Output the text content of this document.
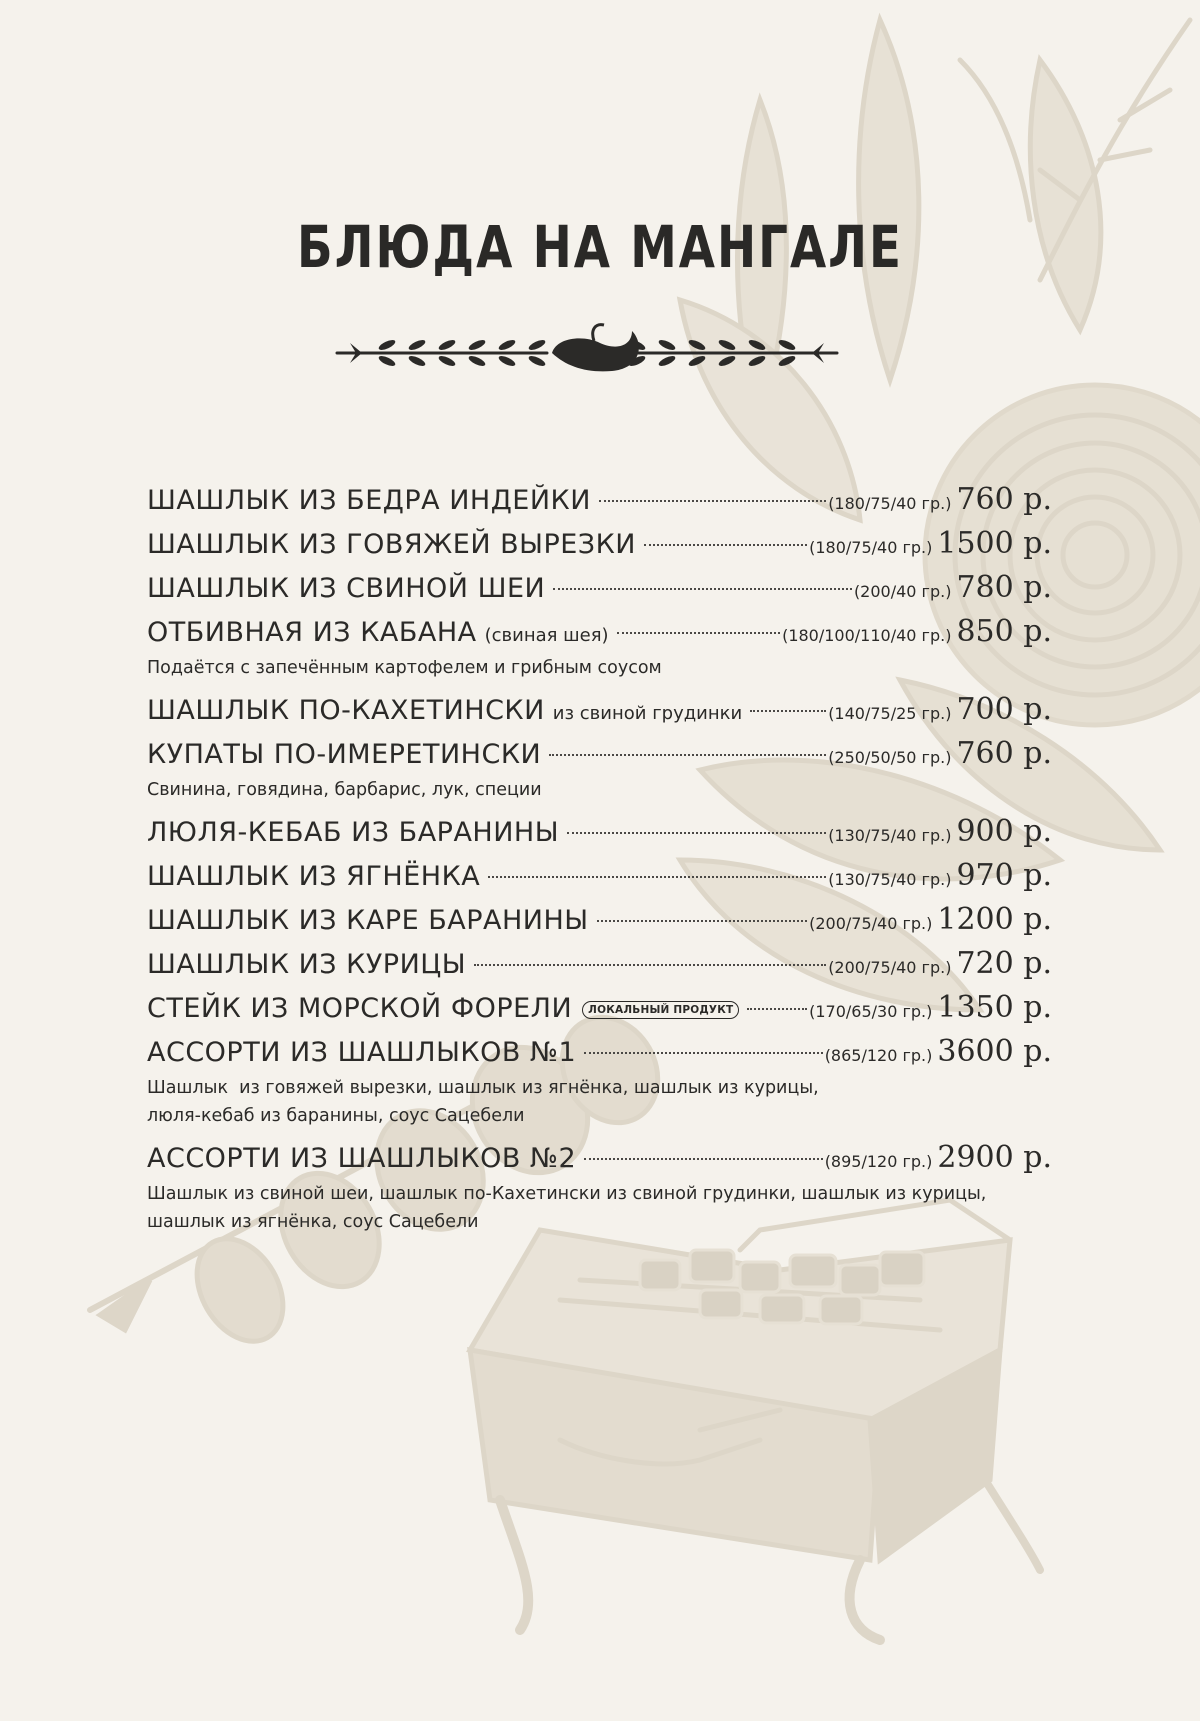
БЛЮДА НА МАНГАЛЕ
ШАШЛЫК ИЗ БЕДРА ИНДЕЙКИ	(180/75/40 гр.) 760 р.
ШАШЛЫК ИЗ ГОВЯЖЕЙ ВЫРЕЗКИ	(180/75/40 гр.) 1500 р.
ШАШЛЫК ИЗ СВИНОЙ ШЕИ	(200/40 гр.) 780 р.
ОТБИВНАЯ ИЗ КАБАНА (свиная шея)	(180/100/110/40 гр.) 850 р.
Подаётся с запечённым картофелем и грибным соусом
ШАШЛЫК ПО-КАХЕТИНСКИ из свиной грудинки	(140/75/25 гр.) 700 р.
КУПАТЫ ПО-ИМЕРЕТИНСКИ	(250/50/50 гр.) 760 р.
Свинина, говядина, барбарис, лук, специи
ЛЮЛЯ-КЕБАБ ИЗ БАРАНИНЫ	(130/75/40 гр.) 900 р.
ШАШЛЫК ИЗ ЯГНЁНКА	(130/75/40 гр.) 970 р.
ШАШЛЫК ИЗ КАРЕ БАРАНИНЫ	(200/75/40 гр.) 1200 р.
ШАШЛЫК ИЗ КУРИЦЫ	(200/75/40 гр.) 720 р.
СТЕЙК ИЗ МОРСКОЙ ФОРЕЛИ	ЛОКАЛЬНЫЙ ПРОДУКТ	(170/65/30 гр.) 1350 р.
АССОРТИ ИЗ ШАШЛЫКОВ №1	(865/120 гр.) 3600 р.
Шашлык  из говяжей вырезки, шашлык из ягнёнка, шашлык из курицы,
люля-кебаб из баранины, соус Сацебели
АССОРТИ ИЗ ШАШЛЫКОВ №2	(895/120 гр.) 2900 р.
Шашлык из свиной шеи, шашлык по-Кахетински из свиной грудинки, шашлык из курицы,
шашлык из ягнёнка, соус Сацебели
